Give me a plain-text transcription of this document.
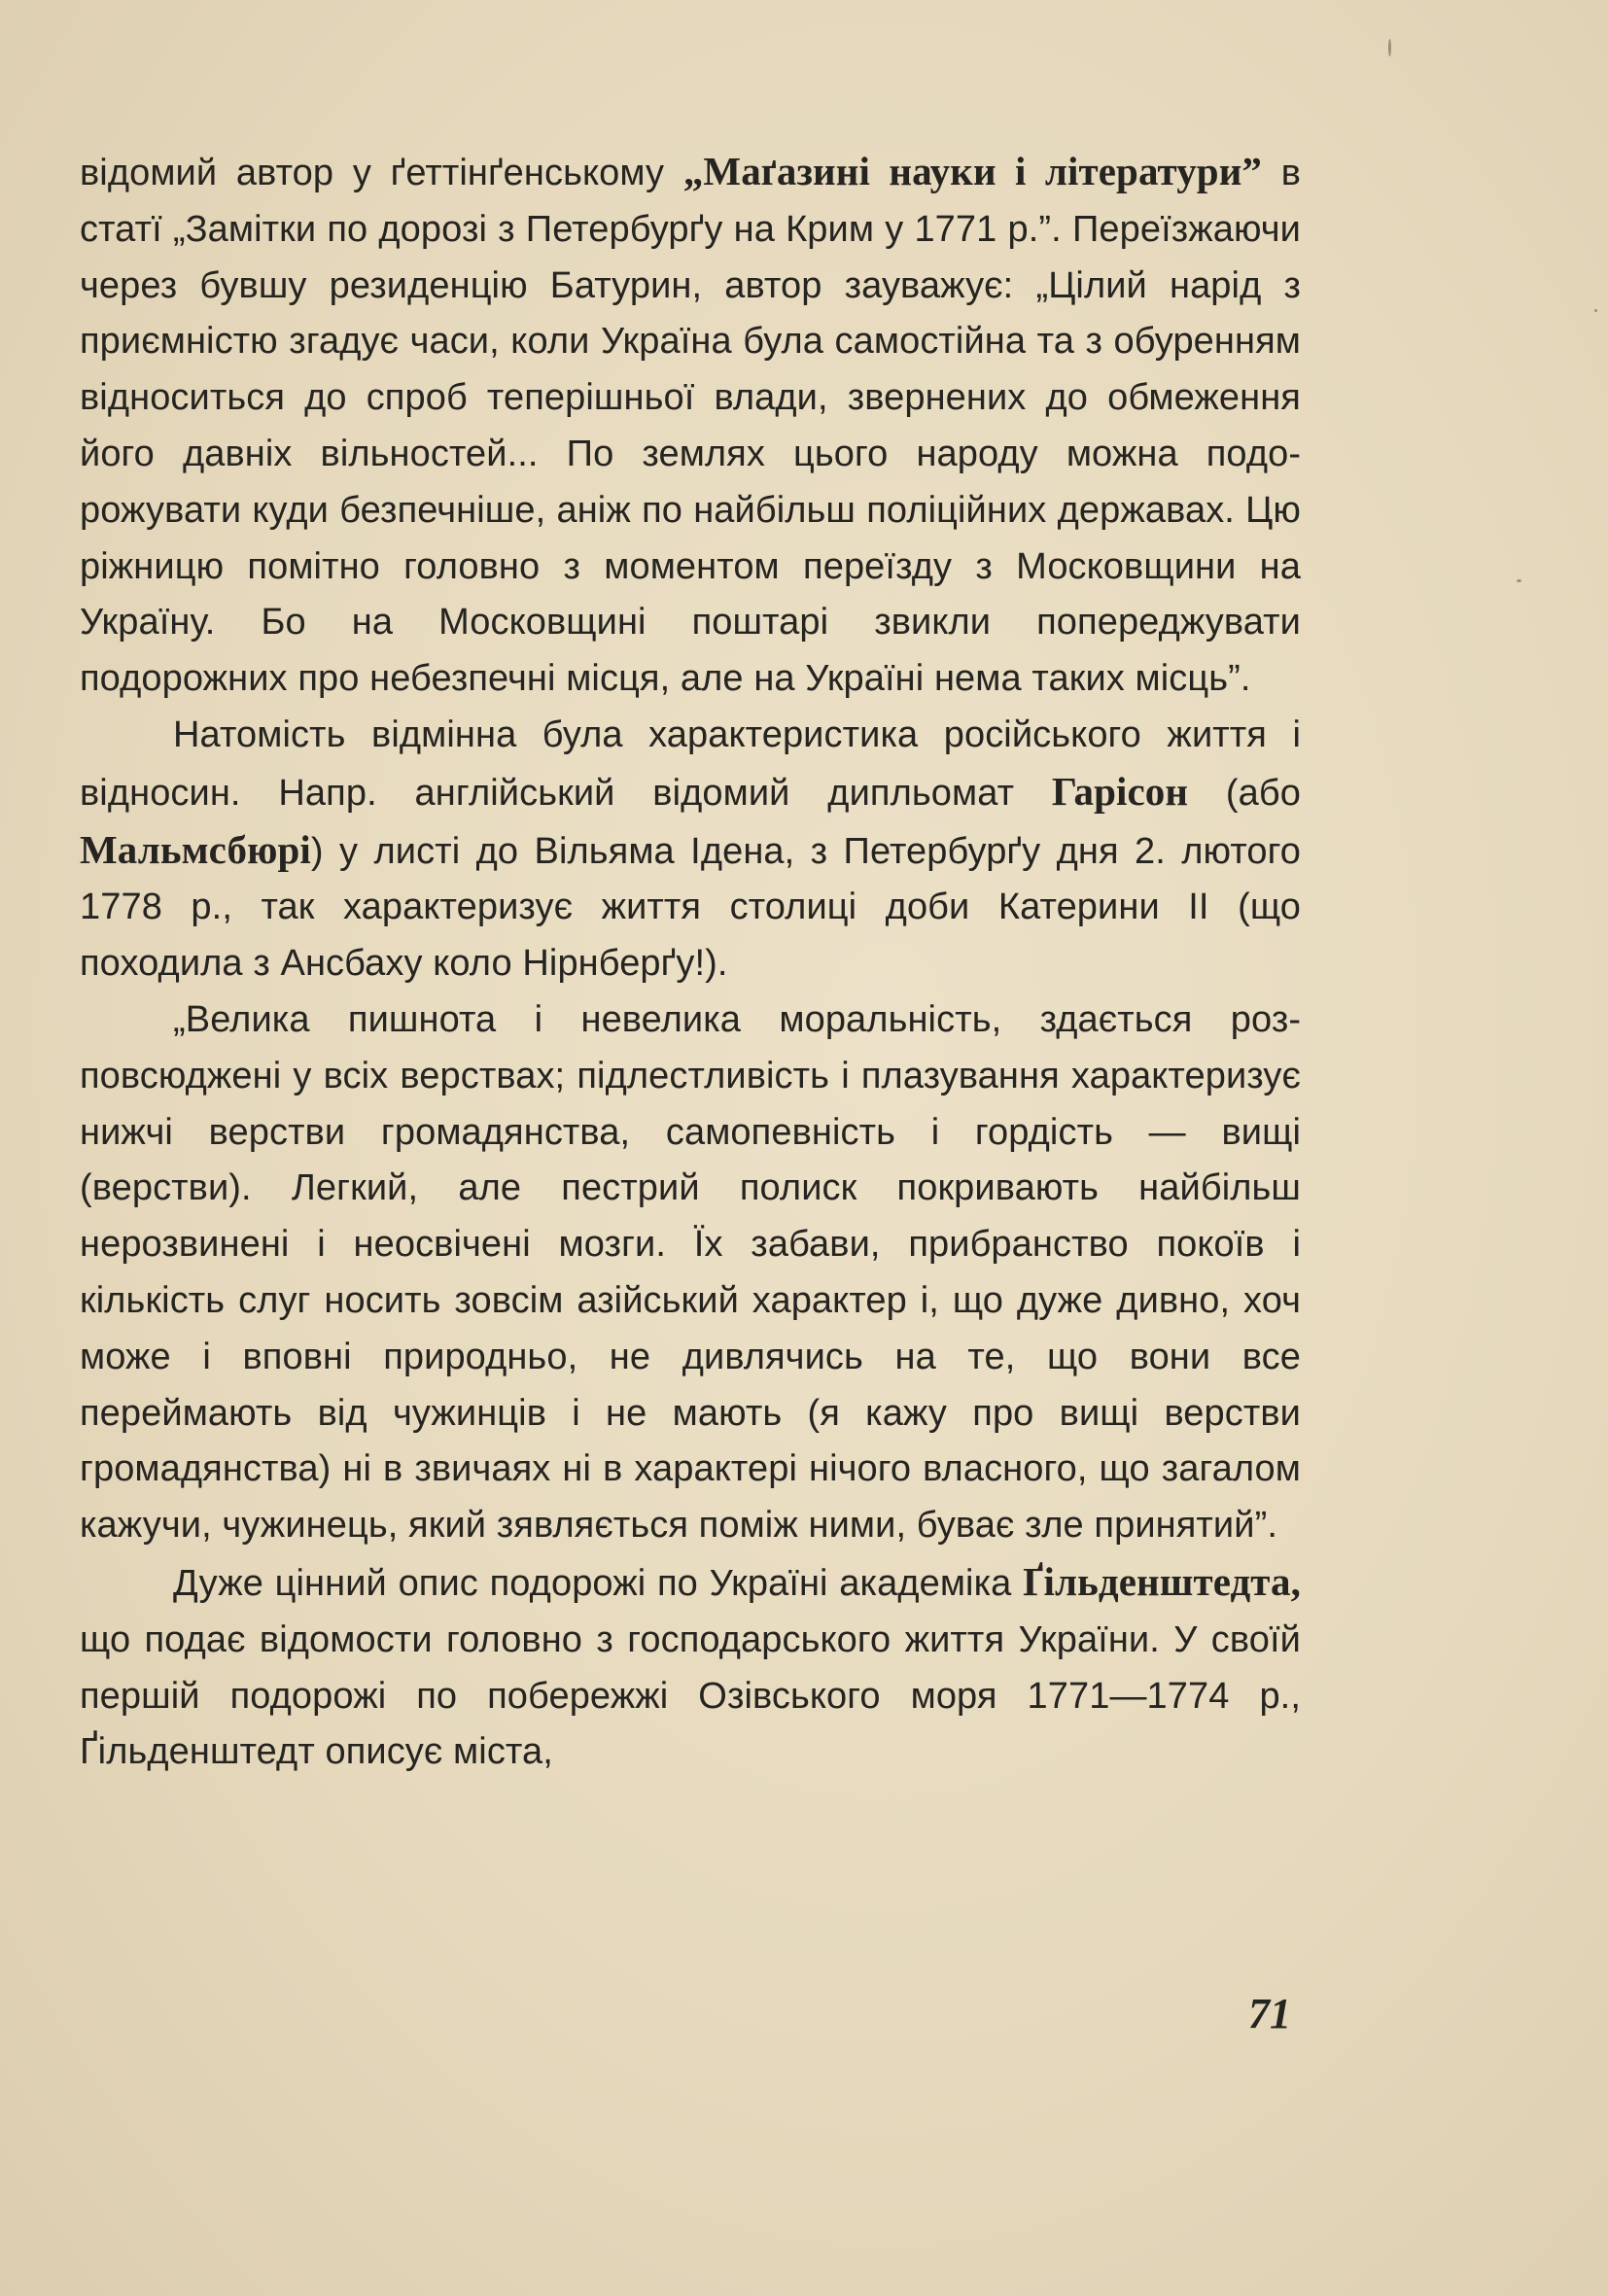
відомий автор у ґеттінґенському „Маґазині науки і літератури” в статї „Замітки по дорозі з Петербурґу на Крим у 1771 р.”. Переїзжаючи через бувшу резиденцію Батурин, автор зауважує: „Цілий нарід з приємністю згадує часи, коли Україна була самостійна та з обуренням відноситься до спроб теперішньої влади, звернених до обмеження його давніх вільностей... По землях цього народу можна подорожувати куди безпечніше, аніж по найбільш поліційних державах. Цю ріжницю помітно головно з моментом переїзду з Московщини на Україну. Бо на Московщині поштарі звикли попереджувати подорожних про небезпечні місця, але на Україні нема таких місць”.

Натомість відмінна була характеристика російського життя і відносин. Напр. англійський відомий дипльомат Гарісон (або Мальмсбюрі) у листі до Вільяма Ідена, з Петербурґу дня 2. лютого 1778 р., так характеризує життя столиці доби Катерини II (що походила з Ансбаху коло Нірнберґу!).

„Велика пишнота і невелика моральність, здається розповсюджені у всіх верствах; підлестливість і плазування характеризує нижчі верстви громадянства, самопевність і гордість — вищі (верстви). Легкий, але пестрий полиск покривають найбільш нерозвинені і неосвічені мозги. Їх забави, прибранство покоїв і кількість слуг носить зовсім азійський характер і, що дуже дивно, хоч може і вповні природньо, не дивлячись на те, що вони все переймають від чужинців і не мають (я кажу про вищі верстви громадянства) ні в звичаях ні в характері нічого власного, що загалом кажучи, чужинець, який зявляється поміж ними, буває зле принятий”.

Дуже цінний опис подорожі по Україні академіка Ґільденштедта, що подає відомости головно з господарського життя України. У своїй першій подорожі по побережжі Озівського моря 1771—1774 р., Ґільденштедт описує міста,

71
